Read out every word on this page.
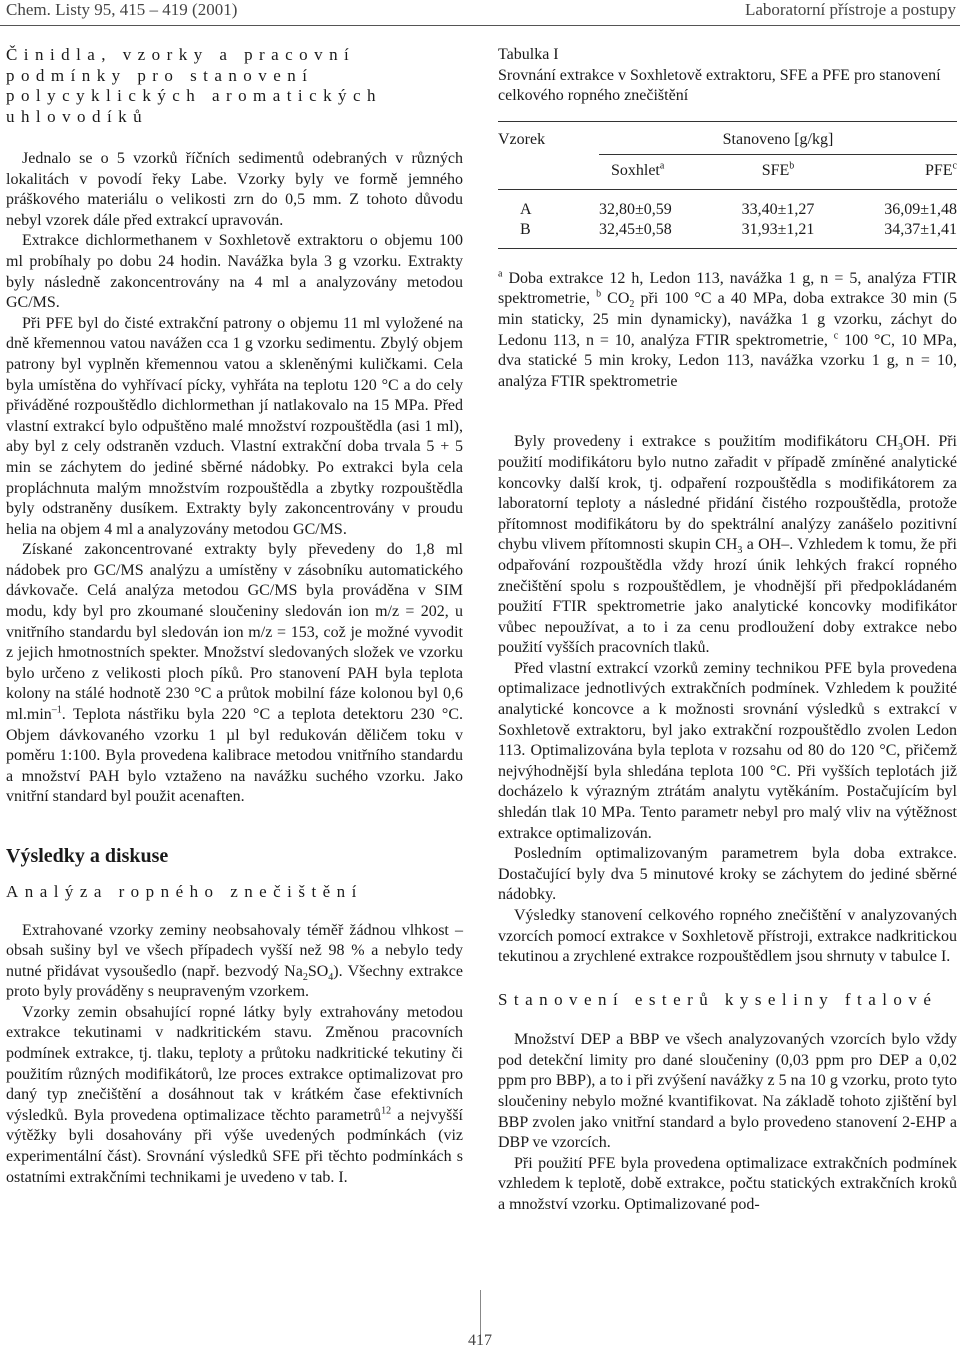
Chem. Listy 95, 415 – 419 (2001)	Laboratorní přístroje a postupy
Činidla, vzorky a pracovní podmínky pro stanovení polycyklických aromatických uhlovodíků

Jednalo se o 5 vzorků říčních sedimentů odebraných v různých lokalitách v povodí řeky Labe. Vzorky byly ve formě jemného práškového materiálu o velikosti zrn do 0,5 mm. Z tohoto důvodu nebyl vzorek dále před extrakcí upravován.

Extrakce dichlormethanem v Soxhletově extraktoru o objemu 100 ml probíhaly po dobu 24 hodin. Navážka byla 3 g vzorku. Extrakty byly následně zakoncentrovány na 4 ml a analyzovány metodou GC/MS.

Při PFE byl do čisté extrakční patrony o objemu 11 ml vyložené na dně křemennou vatou navážen cca 1 g vzorku sedimentu. Zbylý objem patrony byl vyplněn křemennou vatou a skleněnými kuličkami. Cela byla umístěna do vyhřívací pícky, vyhřáta na teplotu 120 °C a do cely přiváděné rozpouštědlo dichlormethan jí natlakovalo na 15 MPa. Před vlastní extrakcí bylo odpuštěno malé množství rozpouštědla (asi 1 ml), aby byl z cely odstraněn vzduch. Vlastní extrakční doba trvala 5 + 5 min se záchytem do jediné sběrné nádobky. Po extrakci byla cela propláchnuta malým množstvím rozpouštědla a zbytky rozpouštědla byly odstraněny dusíkem. Extrakty byly zakoncentrovány v proudu helia na objem 4 ml a analyzovány metodou GC/MS.

Získané zakoncentrované extrakty byly převedeny do 1,8 ml nádobek pro GC/MS analýzu a umístěny v zásobníku automatického dávkovače. Celá analýza metodou GC/MS byla prováděna v SIM modu, kdy byl pro zkoumané sloučeniny sledován ion m/z = 202, u vnitřního standardu byl sledován ion m/z = 153, což je možné vyvodit z jejich hmotnostních spekter. Množství sledovaných složek ve vzorku bylo určeno z velikosti ploch píků. Pro stanovení PAH byla teplota kolony na stálé hodnotě 230 °C a průtok mobilní fáze kolonou byl 0,6 $ml.\min^{-1}$. Teplota nástřiku byla 220 °C a teplota detektoru 230 °C. Objem dávkovaného vzorku 1 µl byl redukován děličem toku v poměru 1:100. Byla provedena kalibrace metodou vnitřního standardu a množství PAH bylo vztaženo na navážku suchého vzorku. Jako vnitřní standard byl použit acenaften.

Výsledky a diskuse
Analýza ropného znečištění

Extrahované vzorky zeminy neobsahovaly téměř žádnou vlhkost – obsah sušiny byl ve všech případech vyšší než 98 % a nebylo tedy nutné přidávat vysoušedlo (např. bezvodý $Na_2SO_4$). Všechny extrakce proto byly prováděny s neupraveným vzorkem.

Vzorky zemin obsahující ropné látky byly extrahovány metodou extrakce tekutinami v nadkritickém stavu. Změnou pracovních podmínek extrakce, tj. tlaku, teploty a průtoku nadkritické tekutiny či použitím různých modifikátorů, lze proces extrakce optimalizovat pro daný typ znečištění a dosáhnout tak v krátkém čase efektivních výsledků. Byla provedena optimalizace těchto parametrů$^{12}$ a nejvyšší výtěžky byli dosahovány při výše uvedených podmínkách (viz experimentální část). Srovnání výsledků SFE při těchto podmínkách s ostatními extrakčními technikami je uvedeno v tab. I.

Tabulka I
Srovnání extrakce v Soxhletově extraktoru, SFE a PFE pro stanovení celkového ropného znečištění
Vzorek	Stanoveno [g/kg]		

	Soxhlet$^a$	SFE$^b$	PFE$^c$

A	32,80±0,59	33,40±1,27	36,09±1,48
B	32,45±0,58	31,93±1,21	34,37±1,41
$^a$ Doba extrakce 12 h, Ledon 113, navážka 1 g, n = 5, analýza FTIR spektrometrie, $^b$ $CO_2$ při 100 °C a 40 MPa, doba extrakce 30 min (5 min staticky, 25 min dynamicky), navážka 1 g vzorku, záchyt do Ledonu 113, n = 10, analýza FTIR spektrometrie, $^c$ 100 °C, 10 MPa, dva statické 5 min kroky, Ledon 113, navážka vzorku 1 g, n = 10, analýza FTIR spektrometrie

Byly provedeny i extrakce s použitím modifikátoru $CH_3OH$. Při použití modifikátoru bylo nutno zařadit v případě zmíněné analytické koncovky další krok, tj. odpaření rozpouštědla s modifikátorem za laboratorní teploty a následné přidání čistého rozpouštědla, protože přítomnost modifikátoru by do spektrální analýzy zanášelo pozitivní chybu vlivem přítomnosti skupin $CH_3$ a OH–. Vzhledem k tomu, že při odpařování rozpouštědla vždy hrozí únik lehkých frakcí ropného znečištění spolu s rozpouštědlem, je vhodnější při předpokládaném použití FTIR spektrometrie jako analytické koncovky modifikátor vůbec nepoužívat, a to i za cenu prodloužení doby extrakce nebo použití vyšších pracovních tlaků.

Před vlastní extrakcí vzorků zeminy technikou PFE byla provedena optimalizace jednotlivých extrakčních podmínek. Vzhledem k použité analytické koncovce a k možnosti srovnání výsledků s extrakcí v Soxhletově extraktoru, byl jako extrakční rozpouštědlo zvolen Ledon 113. Optimalizována byla teplota v rozsahu od 80 do 120 °C, přičemž nejvýhodnější byla shledána teplota 100 °C. Při vyšších teplotách již docházelo k výrazným ztrátám analytu vytěkáním. Postačujícím byl shledán tlak 10 MPa. Tento parametr nebyl pro malý vliv na výtěžnost extrakce optimalizován.

Posledním optimalizovaným parametrem byla doba extrakce. Dostačující byly dva 5 minutové kroky se záchytem do jediné sběrné nádobky.

Výsledky stanovení celkového ropného znečištění v analyzovaných vzorcích pomocí extrakce v Soxhletově přístroji, extrakce nadkritickou tekutinou a zrychlené extrakce rozpouštědlem jsou shrnuty v tabulce I.

Stanovení esterů kyseliny ftalové

Množství DEP a BBP ve všech analyzovaných vzorcích bylo vždy pod detekční limity pro dané sloučeniny (0,03 ppm pro DEP a 0,02 ppm pro BBP), a to i při zvýšení navážky z 5 na 10 g vzorku, proto tyto sloučeniny nebylo možné kvantifikovat. Na základě tohoto zjištění byl BBP zvolen jako vnitřní standard a bylo provedeno stanovení 2-EHP a DBP ve vzorcích.

Při použití PFE byla provedena optimalizace extrakčních podmínek vzhledem k teplotě, době extrakce, počtu statických extrakčních kroků a množství vzorku. Optimalizované pod-

417
